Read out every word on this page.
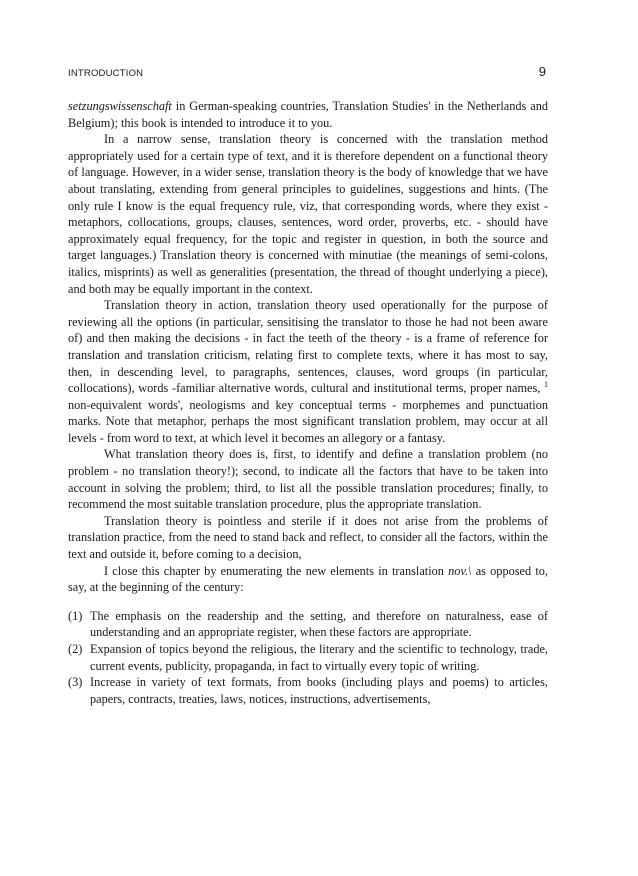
INTRODUCTION	9

setzungswissenschaft in German-speaking countries, Translation Studies' in the Netherlands and Belgium); this book is intended to introduce it to you.

In a narrow sense, translation theory is concerned with the translation method appropriately used for a certain type of text, and it is therefore dependent on a functional theory of language. However, in a wider sense, translation theory is the body of knowledge that we have about translating, extending from general principles to guidelines, suggestions and hints. (The only rule I know is the equal frequency rule, viz, that corresponding words, where they exist - metaphors, collocations, groups, clauses, sentences, word order, proverbs, etc. - should have approximately equal frequency, for the topic and register in question, in both the source and target languages.) Translation theory is concerned with minutiae (the meanings of semi-colons, italics, misprints) as well as generalities (presentation, the thread of thought underlying a piece), and both may be equally important in the context.

Translation theory in action, translation theory used operationally for the purpose of reviewing all the options (in particular, sensitising the translator to those he had not been aware of) and then making the decisions - in fact the teeth of the theory - is a frame of reference for translation and translation criticism, relating first to complete texts, where it has most to say, then, in descending level, to paragraphs, sentences, clauses, word groups (in particular, collocations), words -familiar alternative words, cultural and institutional terms, proper names, $^1$ non-equivalent words', neologisms and key conceptual terms - morphemes and punctuation marks. Note that metaphor, perhaps the most significant translation problem, may occur at all levels - from word to text, at which level it becomes an allegory or a fantasy.

What translation theory does is, first, to identify and define a translation problem (no problem - no translation theory!); second, to indicate all the factors that have to be taken into account in solving the problem; third, to list all the possible translation procedures; finally, to recommend the most suitable translation procedure, plus the appropriate translation.

Translation theory is pointless and sterile if it does not arise from the problems of translation practice, from the need to stand back and reflect, to consider all the factors, within the text and outside it, before coming to a decision,

I close this chapter by enumerating the new elements in translation nov.\ as opposed to, say, at the beginning of the century:

(1) The emphasis on the readership and the setting, and therefore on naturalness, ease of understanding and an appropriate register, when these factors are appropriate.
(2) Expansion of topics beyond the religious, the literary and the scientific to technology, trade, current events, publicity, propaganda, in fact to virtually every topic of writing.
(3) Increase in variety of text formats, from books (including plays and poems) to articles, papers, contracts, treaties, laws, notices, instructions, advertisements,
